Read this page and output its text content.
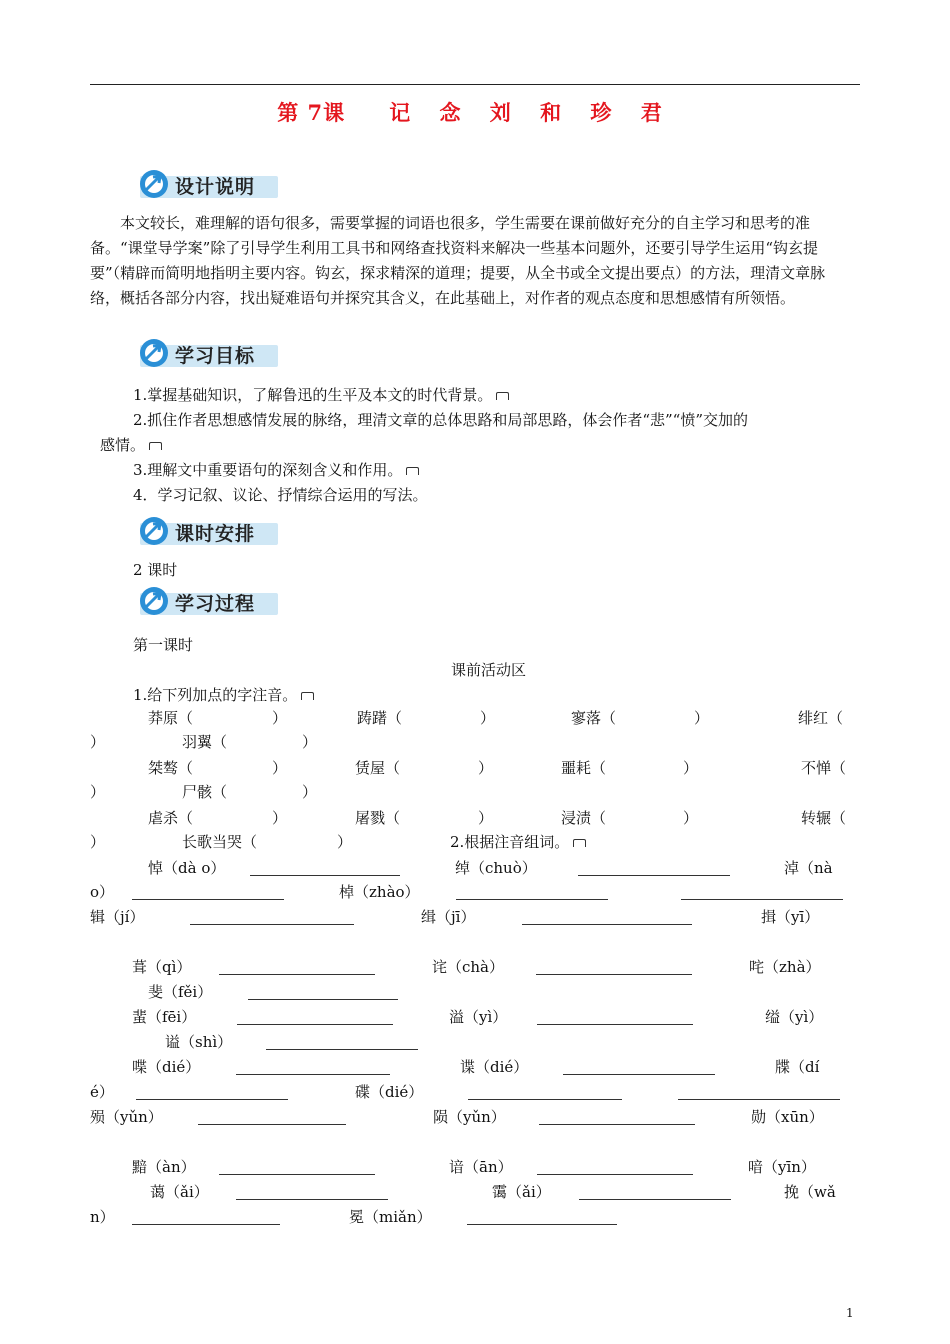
第 7课 记 念 刘 和 珍 君
设计说明
本文较长，难理解的语句很多，需要掌握的词语也很多，学生需要在课前做好充分的自主学习和思考的准备。“课堂导学案”除了引导学生利用工具书和网络查找资料来解决一些基本问题外，还要引导学生运用“钩玄提要”（精辟而简明地指明主要内容。钩玄，探求精深的道理；提要，从全书或全文提出要点）的方法，理清文章脉络，概括各部分内容，找出疑难语句并探究其含义，在此基础上，对作者的观点态度和思想感情有所领悟。
学习目标
1.掌握基础知识，了解鲁迅的生平及本文的时代背景。
2.抓住作者思想感情发展的脉络，理清文章的总体思路和局部思路，体会作者“悲”“愤”交加的
感情。
3.理解文中重要语句的深刻含义和作用。
4．学习记叙、议论、抒情综合运用的写法。
课时安排
2 课时
学习过程
第一课时
课前活动区
1.给下列加点的字注音。
莽原（	）	踌躇（	）	寥落（	）	绯红（
）	羽翼（	）
桀骜（	）	赁屋（	）	噩耗（	）	不惮（
）	尸骸（	）
虐杀（	）	屠戮（	）	浸渍（	）	转辗（
）	长歌当哭（	）	2.根据注音组词。
悼（dà o）	绰（chuò）	淖（nà
o）	棹（zhào）
辑（jí）	缉（jī）	揖（yī）
葺（qì）	诧（chà）	咤（zhà）
斐（fěi）
蜚（fēi）	溢（yì）	缢（yì）
谥（shì）
喋（dié）	谍（dié）	牒（dí
é）	碟（dié）
殒（yǔn）	陨（yǔn）	勋（xūn）
黯（àn）	谙（ān）	喑（yīn）
蔼（ǎi）	霭（ǎi）	挽（wǎ
n）	冕（miǎn）
1
